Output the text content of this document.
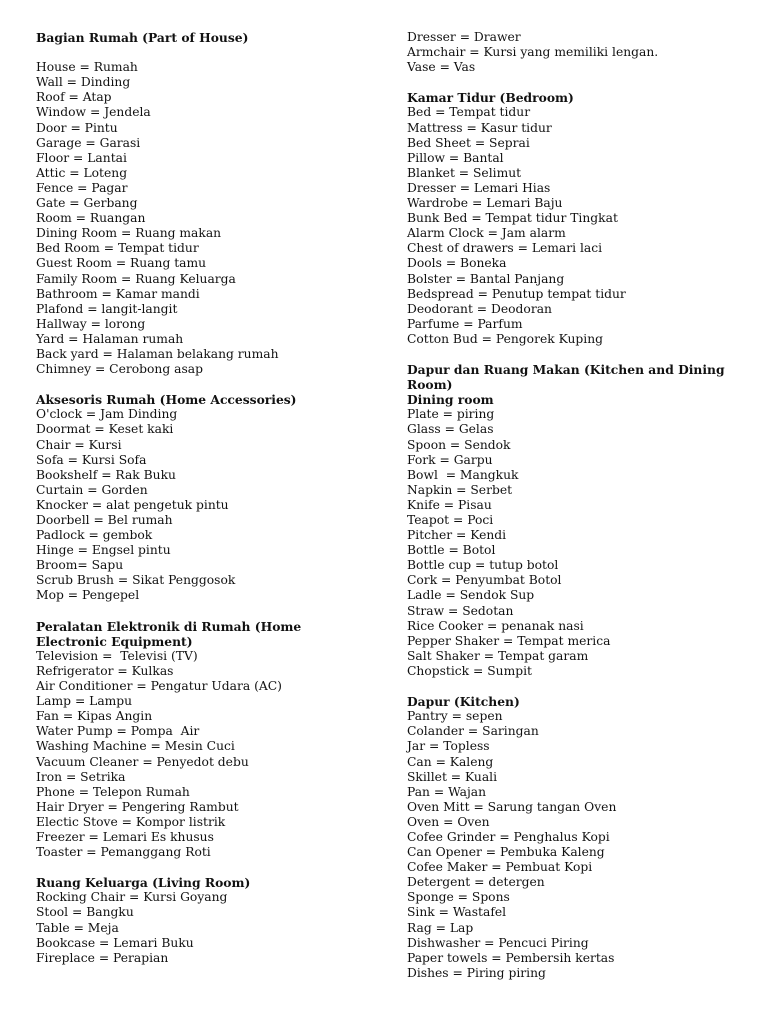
Bagian Rumah (Part of House)
House = Rumah
Wall = Dinding
Roof = Atap
Window = Jendela
Door = Pintu
Garage = Garasi
Floor = Lantai
Attic = Loteng
Fence = Pagar
Gate = Gerbang
Room = Ruangan
Dining Room = Ruang makan
Bed Room = Tempat tidur
Guest Room = Ruang tamu
Family Room = Ruang Keluarga
Bathroom = Kamar mandi
Plafond = langit-langit
Hallway = lorong
Yard = Halaman rumah
Back yard = Halaman belakang rumah
Chimney = Cerobong asap
Aksesoris Rumah (Home Accessories)
O'clock = Jam Dinding
Doormat = Keset kaki
Chair = Kursi
Sofa = Kursi Sofa
Bookshelf = Rak Buku
Curtain = Gorden
Knocker = alat pengetuk pintu
Doorbell = Bel rumah
Padlock = gembok
Hinge = Engsel pintu
Broom= Sapu
Scrub Brush = Sikat Penggosok
Mop = Pengepel
Peralatan Elektronik di Rumah (Home Electronic Equipment)
Television =  Televisi (TV)
Refrigerator = Kulkas
Air Conditioner = Pengatur Udara (AC)
Lamp = Lampu
Fan = Kipas Angin
Water Pump = Pompa  Air
Washing Machine = Mesin Cuci
Vacuum Cleaner = Penyedot debu
Iron = Setrika
Phone = Telepon Rumah
Hair Dryer = Pengering Rambut
Electic Stove = Kompor listrik
Freezer = Lemari Es khusus
Toaster = Pemanggang Roti
Ruang Keluarga (Living Room)
Rocking Chair = Kursi Goyang
Stool = Bangku
Table = Meja
Bookcase = Lemari Buku
Fireplace = Perapian
Dresser = Drawer
Armchair = Kursi yang memiliki lengan.
Vase = Vas
Kamar Tidur (Bedroom)
Bed = Tempat tidur
Mattress = Kasur tidur
Bed Sheet = Seprai
Pillow = Bantal
Blanket = Selimut
Dresser = Lemari Hias
Wardrobe = Lemari Baju
Bunk Bed = Tempat tidur Tingkat
Alarm Clock = Jam alarm
Chest of drawers = Lemari laci
Dools = Boneka
Bolster = Bantal Panjang
Bedspread = Penutup tempat tidur
Deodorant = Deodoran
Parfume = Parfum
Cotton Bud = Pengorek Kuping
Dapur dan Ruang Makan (Kitchen and Dining Room)
Dining room
Plate = piring
Glass = Gelas
Spoon = Sendok
Fork = Garpu
Bowl  = Mangkuk
Napkin = Serbet
Knife = Pisau
Teapot = Poci
Pitcher = Kendi
Bottle = Botol
Bottle cup = tutup botol
Cork = Penyumbat Botol
Ladle = Sendok Sup
Straw = Sedotan
Rice Cooker = penanak nasi
Pepper Shaker = Tempat merica
Salt Shaker = Tempat garam
Chopstick = Sumpit
Dapur (Kitchen)
Pantry = sepen
Colander = Saringan
Jar = Topless
Can = Kaleng
Skillet = Kuali
Pan = Wajan
Oven Mitt = Sarung tangan Oven
Oven = Oven
Cofee Grinder = Penghalus Kopi
Can Opener = Pembuka Kaleng
Cofee Maker = Pembuat Kopi
Detergent = detergen
Sponge = Spons
Sink = Wastafel
Rag = Lap
Dishwasher = Pencuci Piring
Paper towels = Pembersih kertas
Dishes = Piring piring
